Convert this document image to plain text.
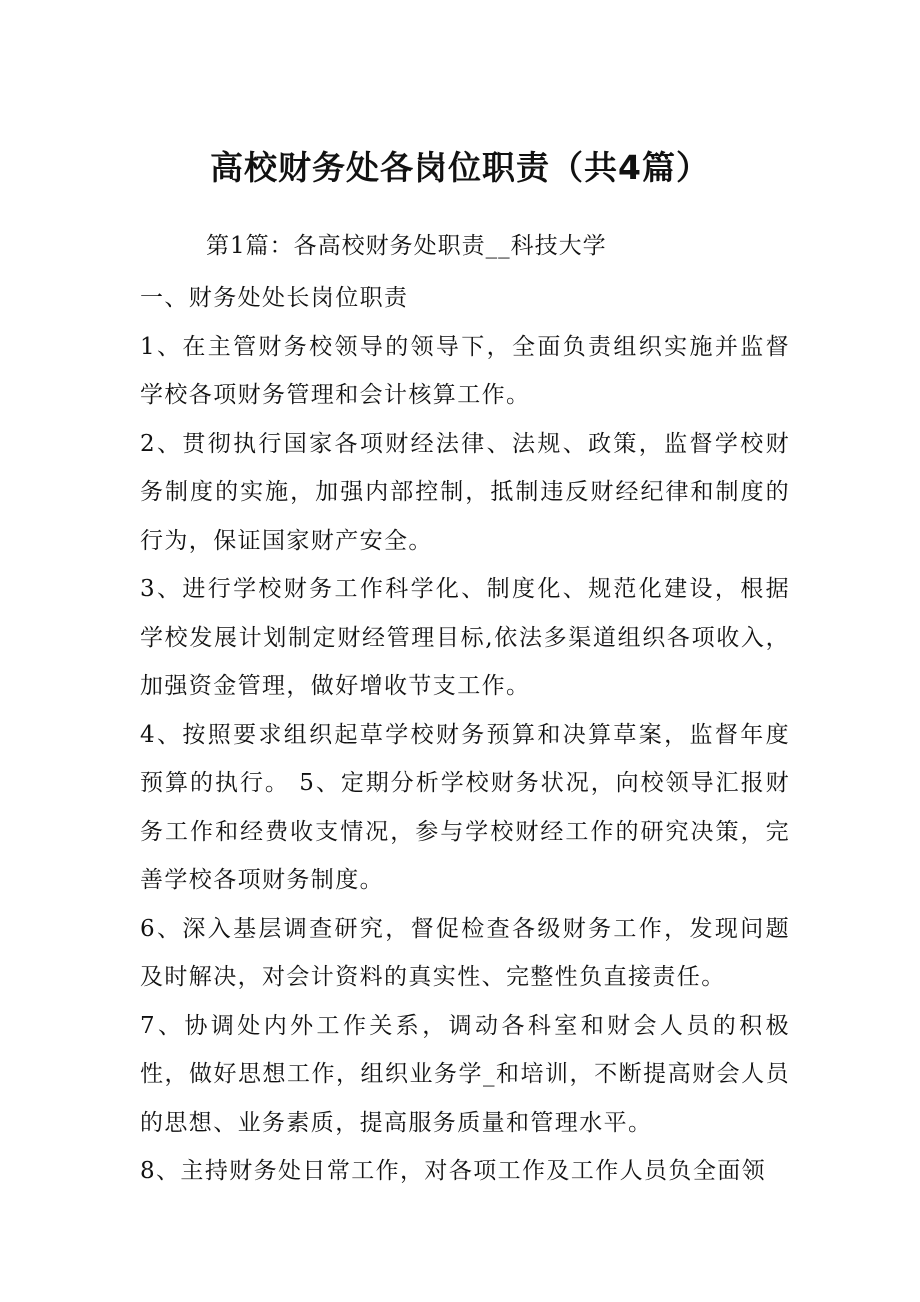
高校财务处各岗位职责（共4篇）
第1篇：各高校财务处职责__科技大学

一、财务处处长岗位职责

1、在主管财务校领导的领导下，全面负责组织实施并监督学校各项财务管理和会计核算工作。

2、贯彻执行国家各项财经法律、法规、政策，监督学校财务制度的实施，加强内部控制，抵制违反财经纪律和制度的行为，保证国家财产安全。

3、进行学校财务工作科学化、制度化、规范化建设，根据学校发展计划制定财经管理目标,依法多渠道组织各项收入，加强资金管理，做好增收节支工作。

4、按照要求组织起草学校财务预算和决算草案，监督年度预算的执行。 5、定期分析学校财务状况，向校领导汇报财务工作和经费收支情况，参与学校财经工作的研究决策，完善学校各项财务制度。

6、深入基层调查研究，督促检查各级财务工作，发现问题及时解决，对会计资料的真实性、完整性负直接责任。

7、协调处内外工作关系，调动各科室和财会人员的积极性，做好思想工作，组织业务学_和培训，不断提高财会人员的思想、业务素质，提高服务质量和管理水平。

8、主持财务处日常工作，对各项工作及工作人员负全面领
